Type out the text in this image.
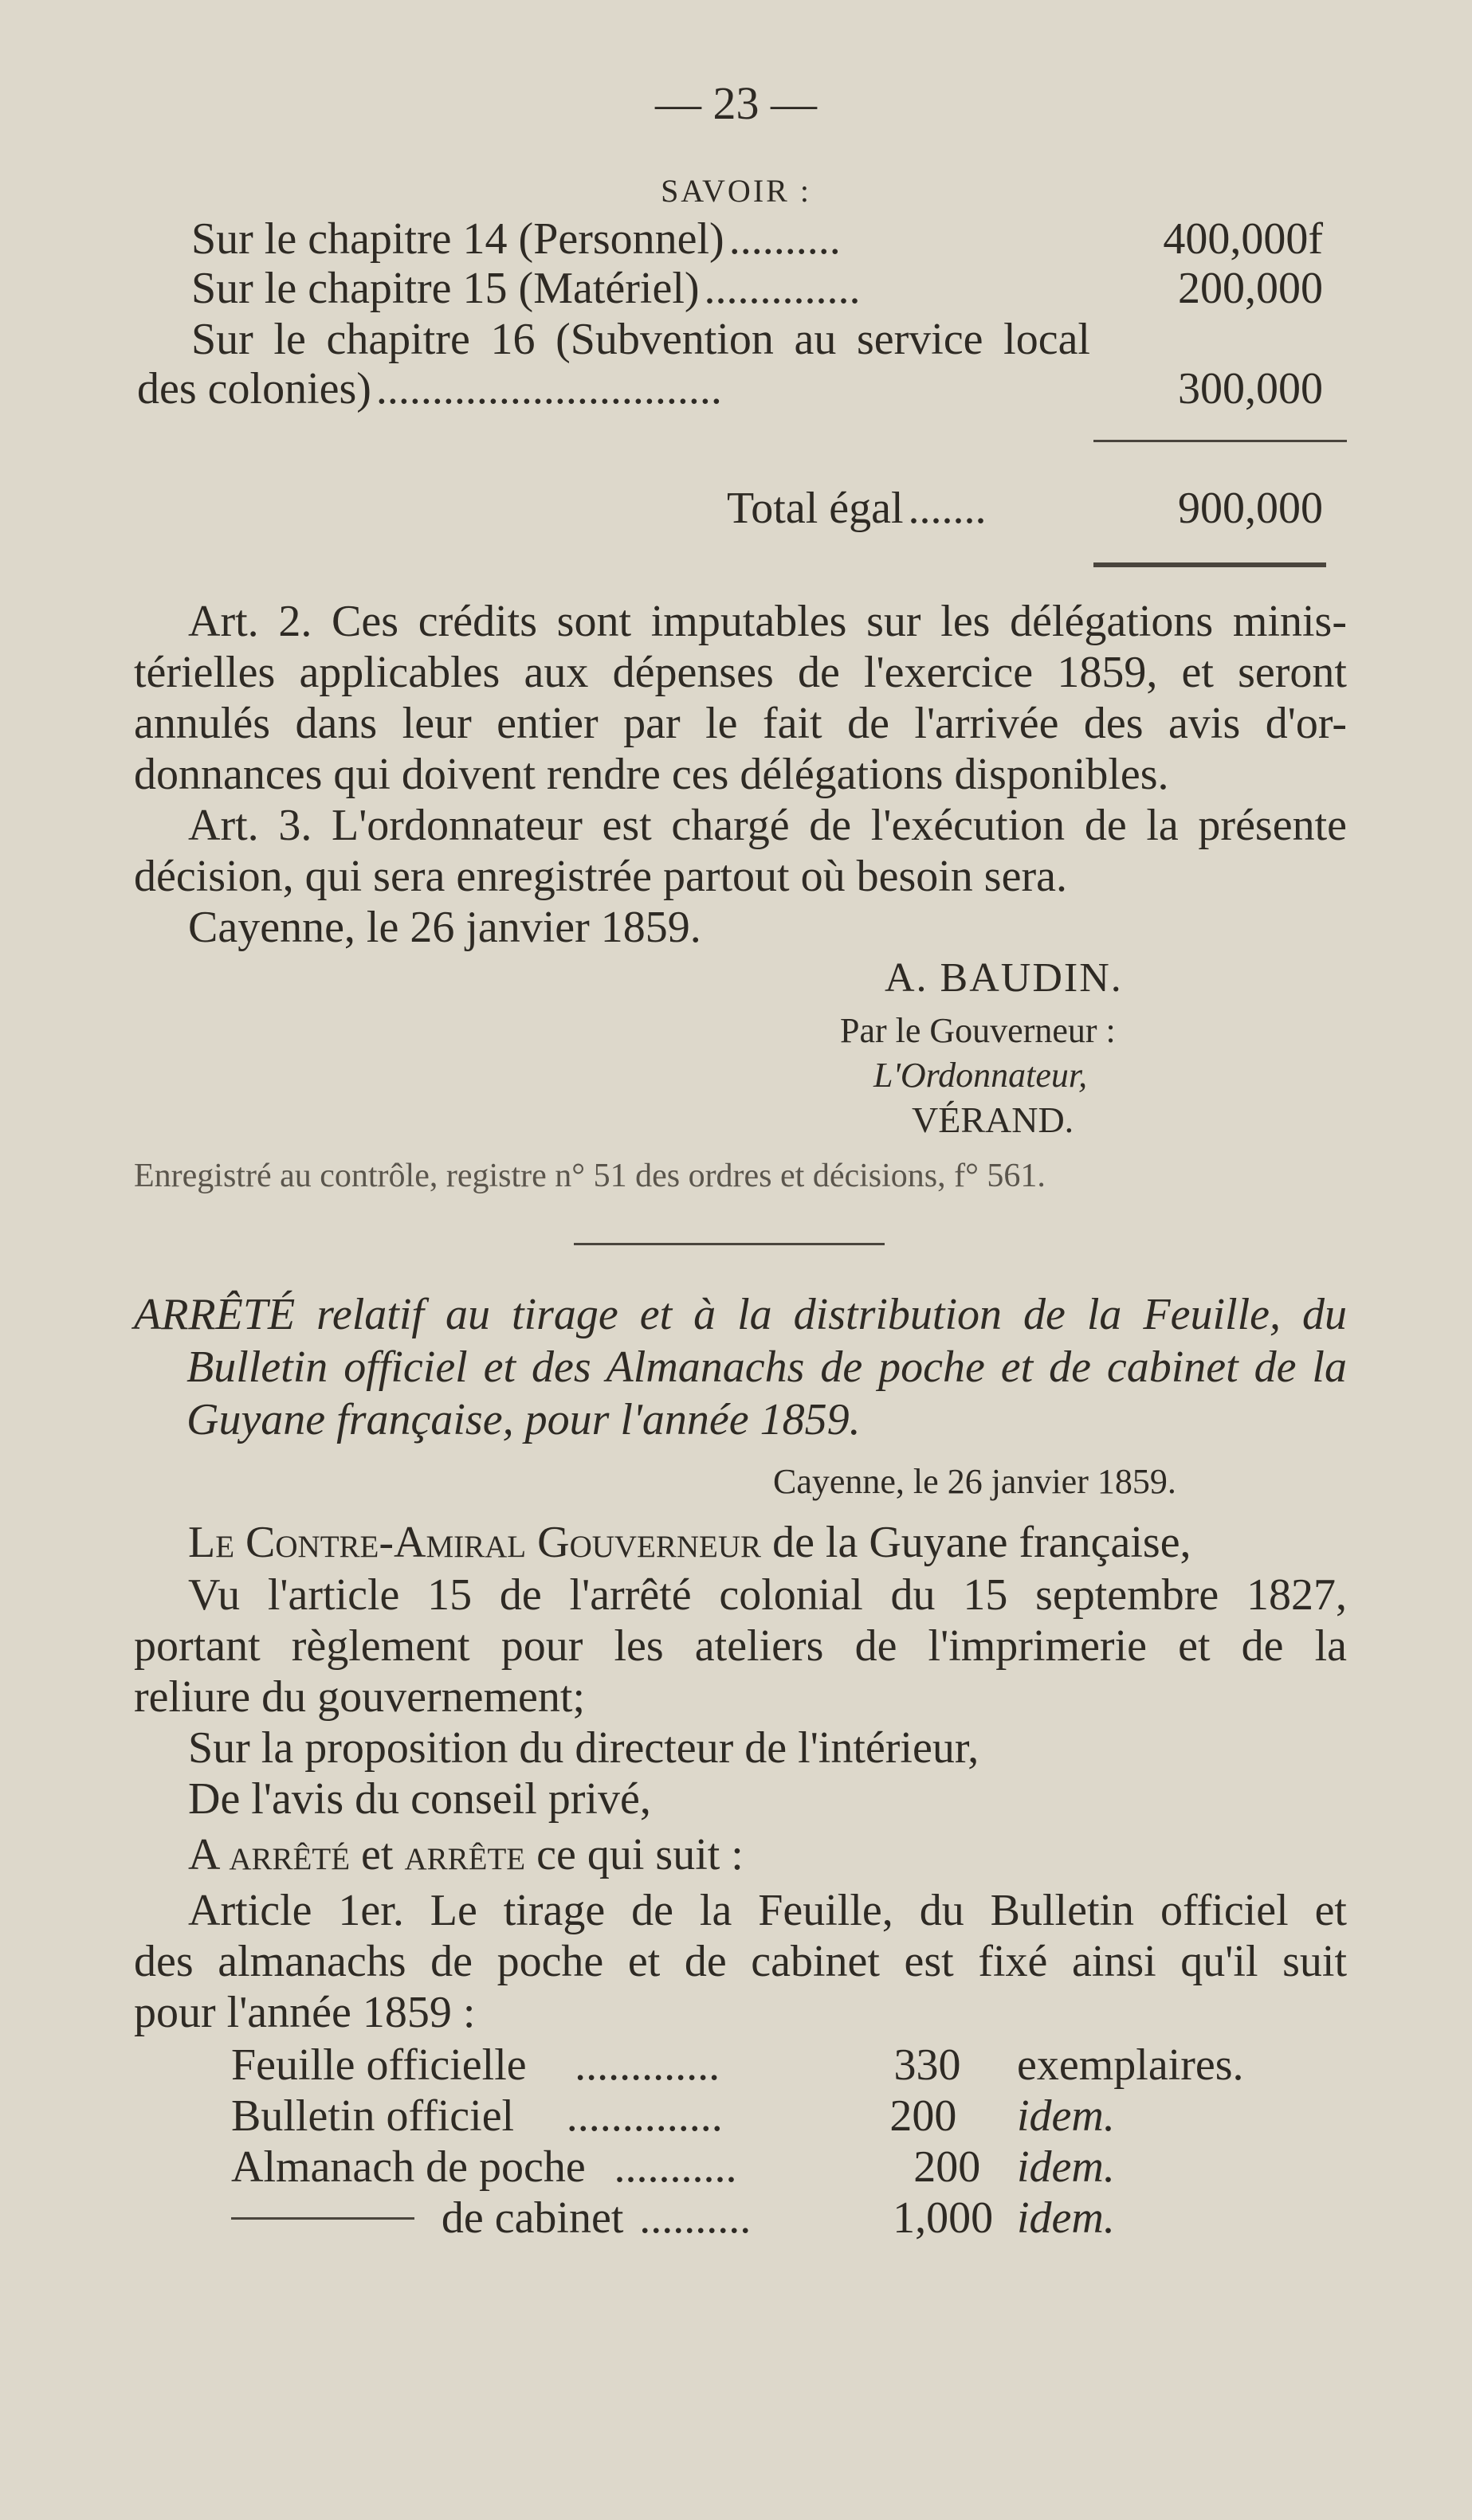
— 23 —
SAVOIR :
Sur le chapitre 14 (Personnel) ..........	400,000f
Sur le chapitre 15 (Matériel) ..............	200,000
Sur le chapitre 16 (Subvention au service local
des colonies) ...............................	300,000
Total égal .......	900,000
Art. 2. Ces crédits sont imputables sur les délégations minis-
térielles applicables aux dépenses de l'exercice 1859, et seront
annulés dans leur entier par le fait de l'arrivée des avis d'or-
donnances qui doivent rendre ces délégations disponibles.
Art. 3. L'ordonnateur est chargé de l'exécution de la présente
décision, qui sera enregistrée partout où besoin sera.
Cayenne, le 26 janvier 1859.
A. BAUDIN.
Par le Gouverneur :
L'Ordonnateur,
VÉRAND.
Enregistré au contrôle, registre n° 51 des ordres et décisions, f° 561.
ARRÊTÉ relatif au tirage et à la distribution de la Feuille, du
Bulletin officiel et des Almanachs de poche et de cabinet de la
Guyane française, pour l'année 1859.
Cayenne, le 26 janvier 1859.
Le Contre-Amiral Gouverneur de la Guyane française,
Vu l'article 15 de l'arrêté colonial du 15 septembre 1827,
portant règlement pour les ateliers de l'imprimerie et de la
reliure du gouvernement;
Sur la proposition du directeur de l'intérieur,
De l'avis du conseil privé,
A arrêté et arrête ce qui suit :
Article 1er. Le tirage de la Feuille, du Bulletin officiel et
des almanachs de poche et de cabinet est fixé ainsi qu'il suit
pour l'année 1859 :
Feuille officielle .............	330 exemplaires.
Bulletin officiel ..............	200 idem.
Almanach de poche ...........	200 idem.
de cabinet ..........	1,000 idem.
